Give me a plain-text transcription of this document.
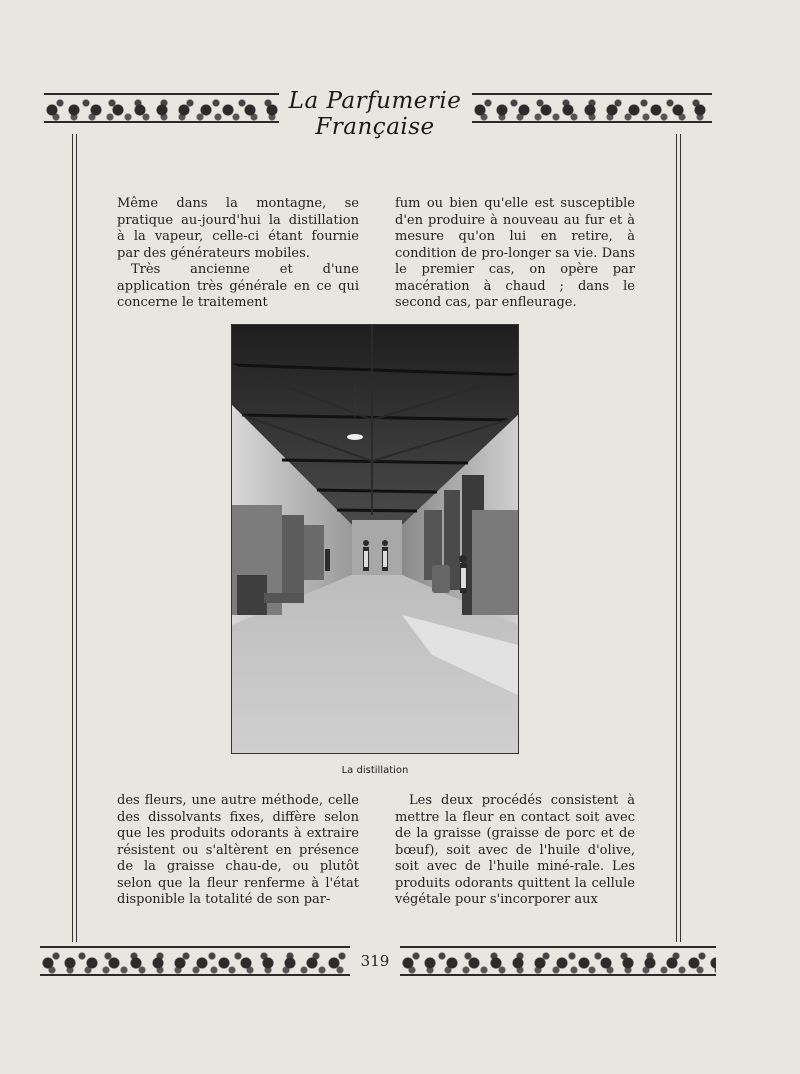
La Parfumerie Française

Même dans la montagne, se pratique au-jourd'hui la distillation à la vapeur, celle-ci étant fournie par des générateurs mobiles.

Très ancienne et d'une application très générale en ce qui concerne le traitement

fum ou bien qu'elle est susceptible d'en produire à nouveau au fur et à mesure qu'on lui en retire, à condition de pro-longer sa vie. Dans le premier cas, on opère par macération à chaud ; dans le second cas, par enfleurage.

La distillation

des fleurs, une autre méthode, celle des dissolvants fixes, diffère selon que les produits odorants à extraire résistent ou s'altèrent en présence de la graisse chau-de, ou plutôt selon que la fleur renferme à l'état disponible la totalité de son par-

Les deux procédés consistent à mettre la fleur en contact soit avec de la graisse (graisse de porc et de bœuf), soit avec de l'huile d'olive, soit avec de l'huile miné-rale. Les produits odorants quittent la cellule végétale pour s'incorporer aux

319
